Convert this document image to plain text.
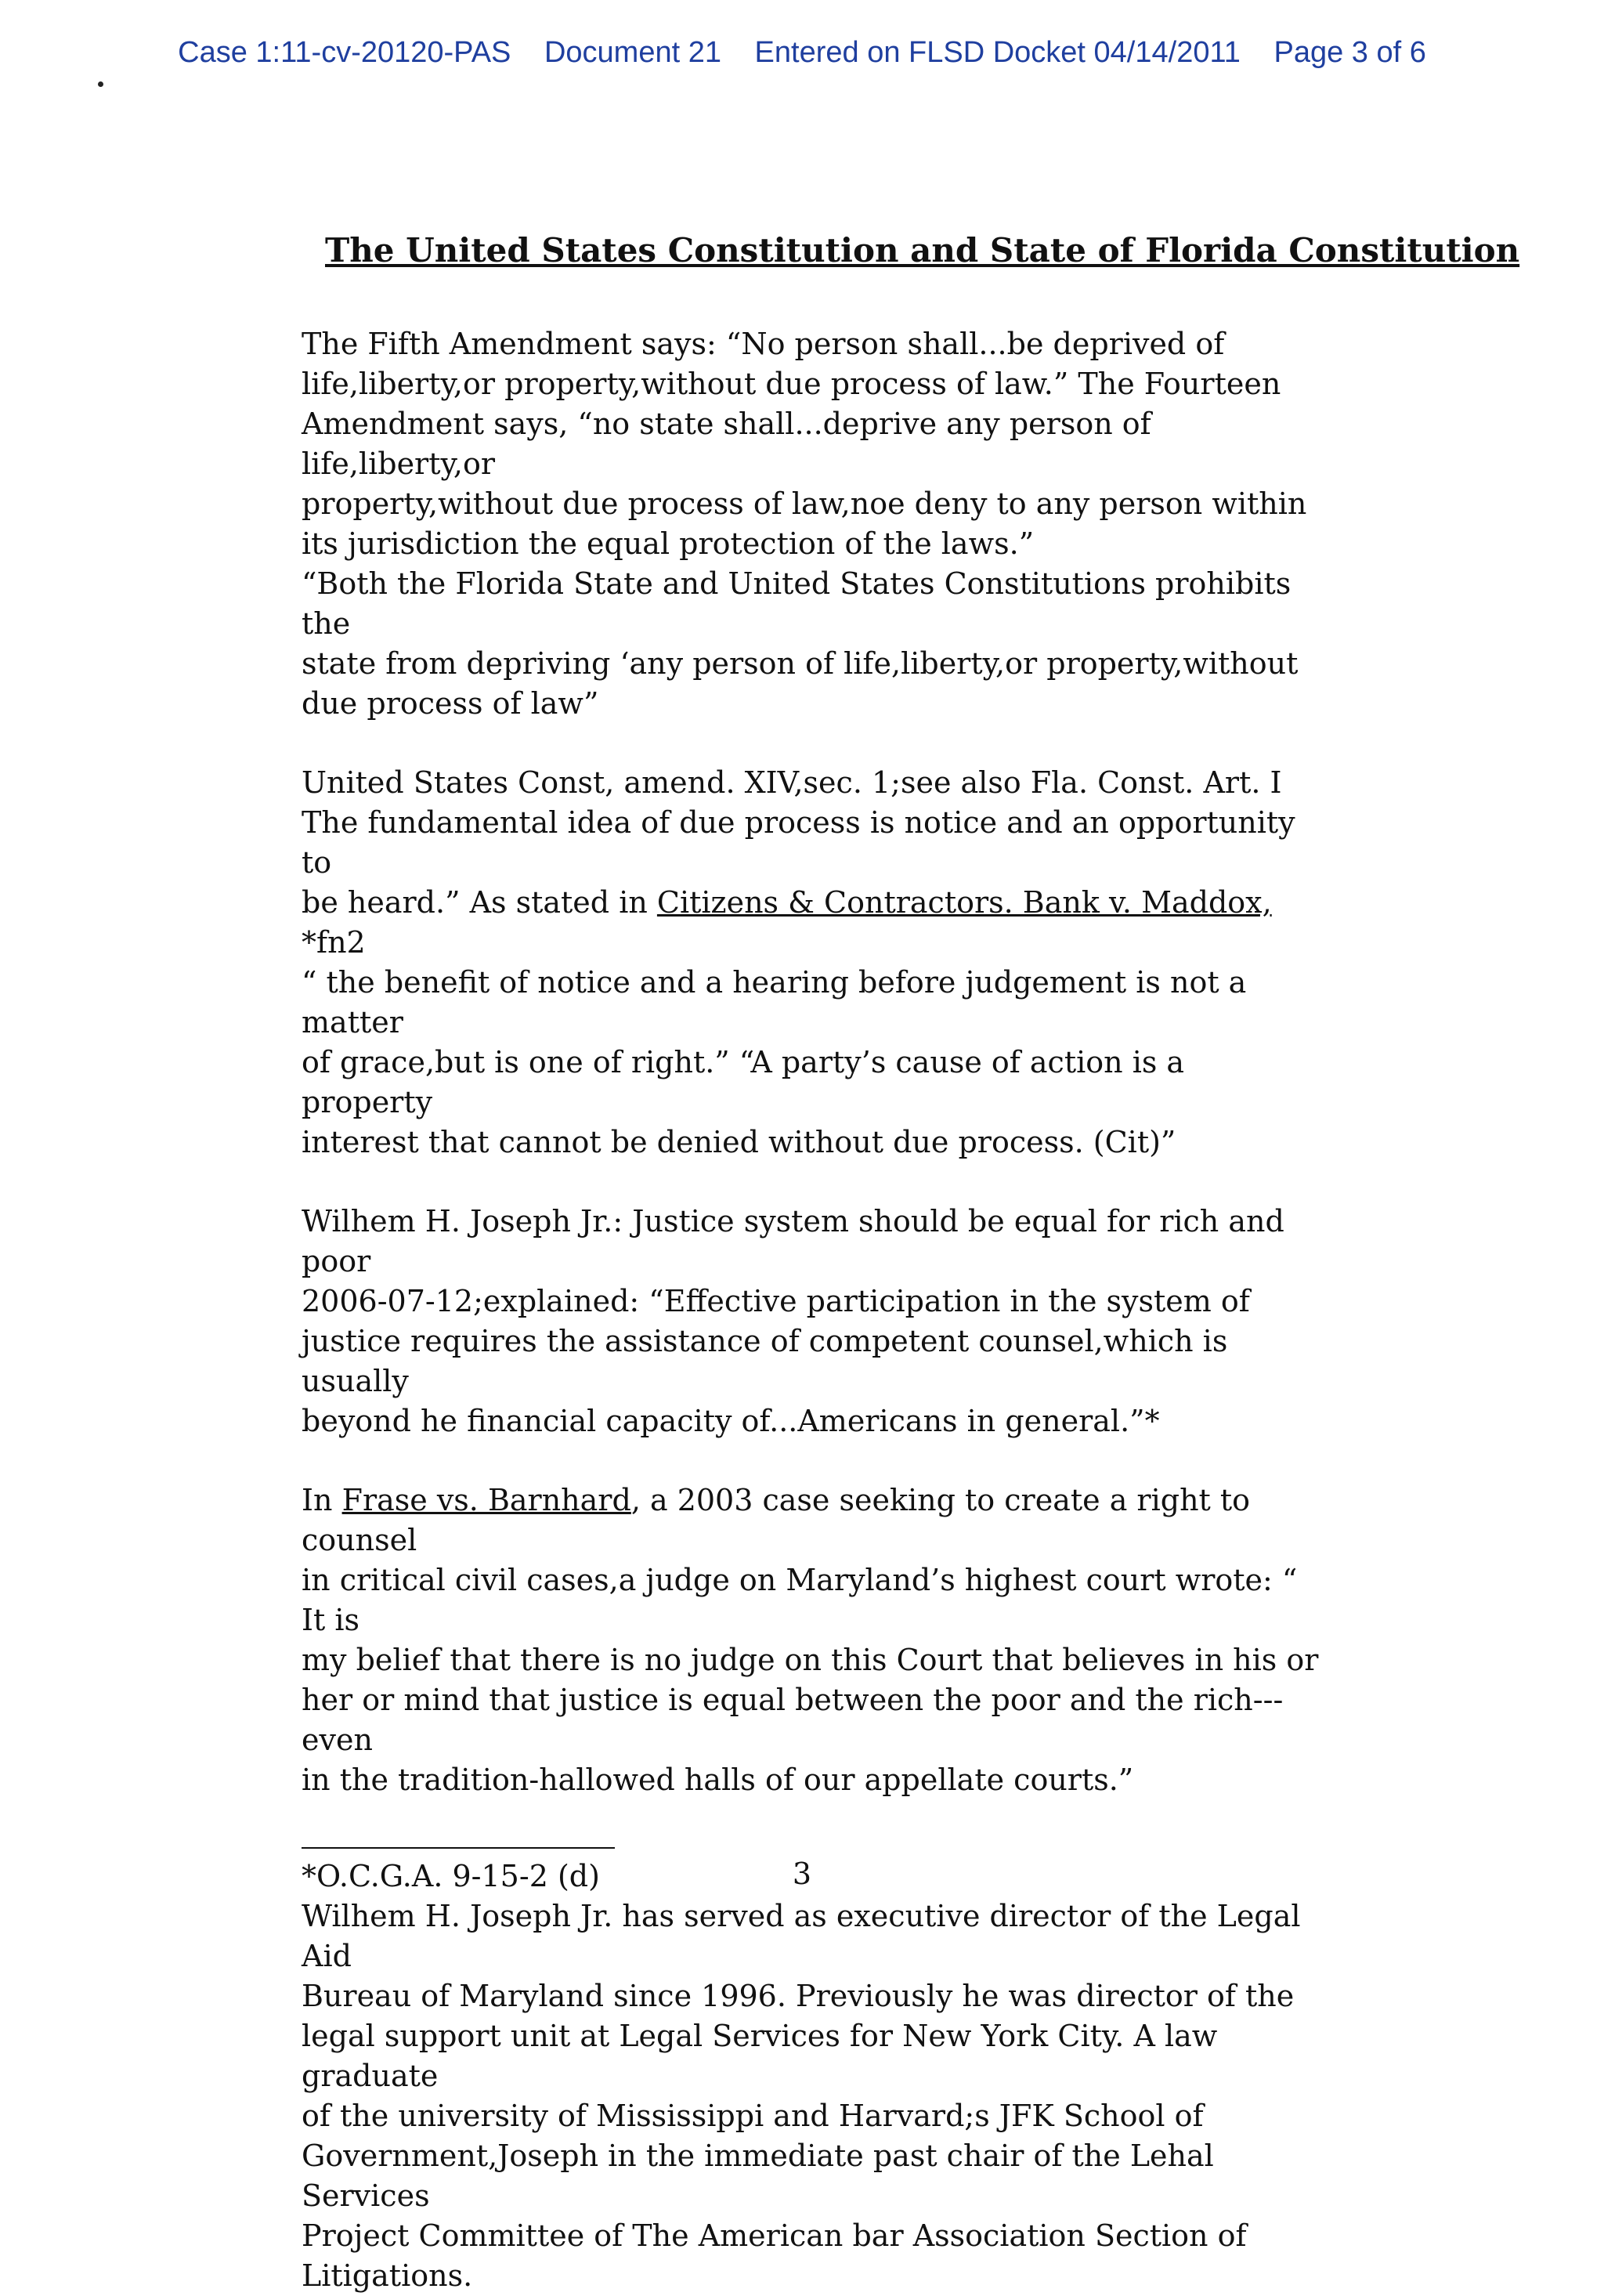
Case 1:11-cv-20120-PAS Document 21 Entered on FLSD Docket 04/14/2011 Page 3 of 6
The United States Constitution and State of Florida Constitution

The Fifth Amendment says: “No person shall...be deprived of
life,liberty,or property,without due process of law.” The Fourteen
Amendment says, “no state shall...deprive any person of life,liberty,or
property,without due process of law,noe deny to any person within
its jurisdiction the equal protection of the laws.”
“Both the Florida State and United States Constitutions prohibits the
state from depriving ‘any person of life,liberty,or property,without
due process of law”

United States Const, amend. XIV,sec. 1;see also Fla. Const. Art. I
The fundamental idea of due process is notice and an opportunity to
be heard.” As stated in Citizens & Contractors. Bank v. Maddox, *fn2
“ the benefit of notice and a hearing before judgement is not a matter
of grace,but is one of right.” “A party’s cause of action is a property
interest that cannot be denied without due process. (Cit)”

Wilhem H. Joseph Jr.: Justice system should be equal for rich and poor
2006-07-12;explained: “Effective participation in the system of
justice requires the assistance of competent counsel,which is usually
beyond he financial capacity of...Americans in general.”*

In Frase vs. Barnhard, a 2003 case seeking to create a right to counsel
in critical civil cases,a judge on Maryland’s highest court wrote: “ It is
my belief that there is no judge on this Court that believes in his or
her or mind that justice is equal between the poor and the rich---even
in the tradition-hallowed halls of our appellate courts.”

*O.C.G.A. 9-15-2 (d)
Wilhem H. Joseph Jr. has served as executive director of the Legal Aid
Bureau of Maryland since 1996. Previously he was director of the
legal support unit at Legal Services for New York City. A law graduate
of the university of Mississippi and Harvard;s JFK School of
Government,Joseph in the immediate past chair of the Lehal Services
Project Committee of The American bar Association Section of
Litigations.

3
